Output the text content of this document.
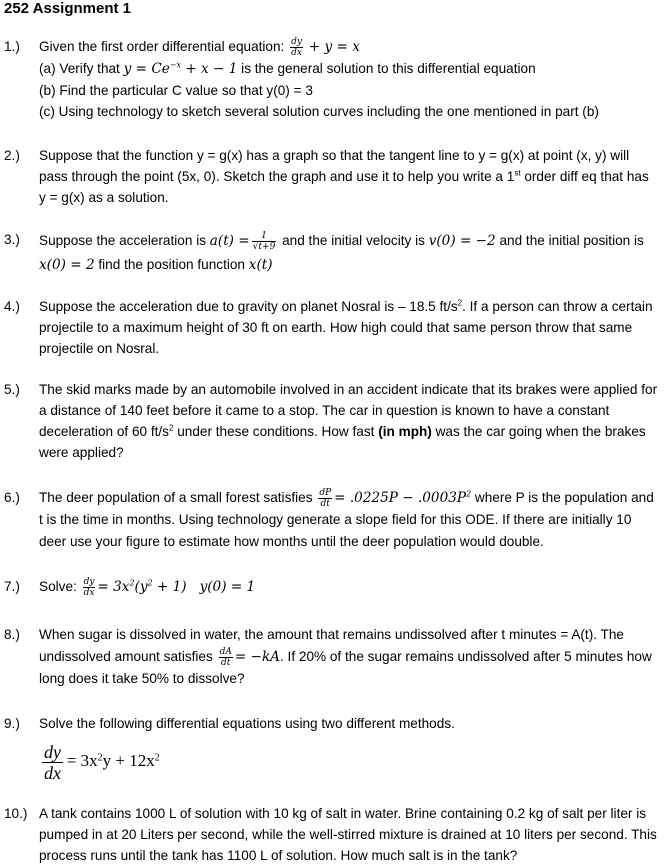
252 Assignment 1
1.)	Given the first order differential equation: $\frac{dy}{dx} + y = x$
(a) Verify that $y = Ce^{-x} + x - 1$ is the general solution to this differential equation
(b) Find the particular C value so that y(0) = 3
(c) Using technology to sketch several solution curves including the one mentioned in part (b)
2.)	Suppose that the function y = g(x) has a graph so that the tangent line to y = g(x) at point (x, y) will pass through the point (5x, 0). Sketch the graph and use it to help you write a 1st order diff eq that has y = g(x) as a solution.
3.)	Suppose the acceleration is $a(t) = \frac{1}{√t+9}$ and the initial velocity is v(0) = −2 and the initial position is x(0) = 2 find the position function x(t)
4.)	Suppose the acceleration due to gravity on planet Nosral is – 18.5 $ft/s^2$. If a person can throw a certain projectile to a maximum height of 30 ft on earth. How high could that same person throw that same projectile on Nosral.
5.)	The skid marks made by an automobile involved in an accident indicate that its brakes were applied for a distance of 140 feet before it came to a stop. The car in question is known to have a constant deceleration of 60 $ft/s^2$ under these conditions. How fast (in mph) was the car going when the brakes were applied?
6.)	The deer population of a small forest satisfies $\frac{dP}{dt} = .0225P - .0003P^2$ where P is the population and t is the time in months. Using technology generate a slope field for this ODE. If there are initially 10 deer use your figure to estimate how months until the deer population would double.
7.)	Solve: $\frac{dy}{dx} = 3x^2(y^2 + 1) y(0) = 1$
8.)	When sugar is dissolved in water, the amount that remains undissolved after t minutes = A(t). The undissolved amount satisfies $\frac{dA}{dt} = -kA$. If 20% of the sugar remains undissolved after 5 minutes how long does it take 50% to dissolve?
9.)	Solve the following differential equations using two different methods.
$\frac{dy}{dx} = 3x^2y + 12x^2$
10.) A tank contains 1000 L of solution with 10 kg of salt in water. Brine containing 0.2 kg of salt per liter is pumped in at 20 Liters per second, while the well-stirred mixture is drained at 10 liters per second. This process runs until the tank has 1100 L of solution. How much salt is in the tank?
